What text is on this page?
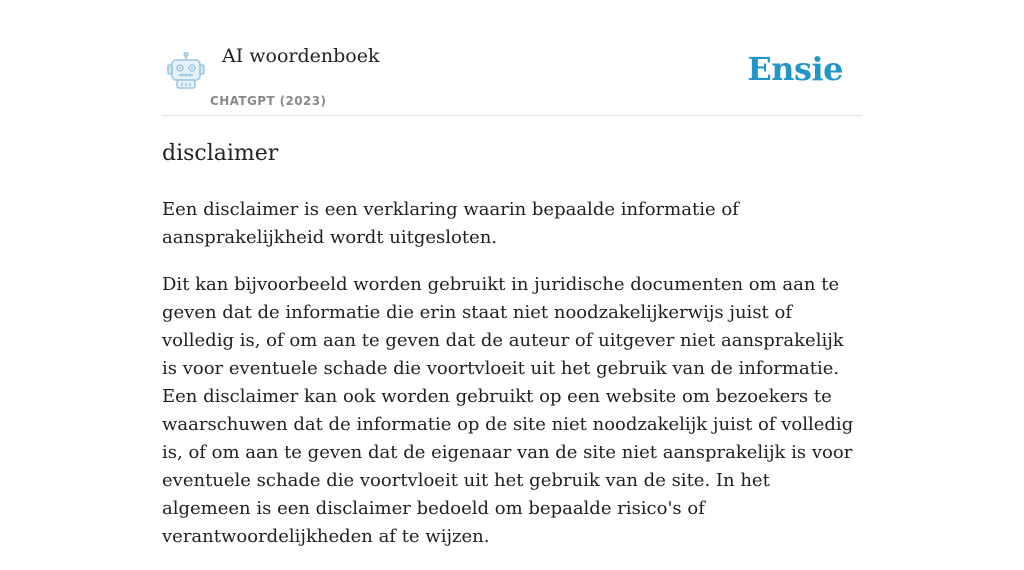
AI woordenboek
CHATGPT (2023)
Ensie
disclaimer

Een disclaimer is een verklaring waarin bepaalde informatie of aansprakelijkheid wordt uitgesloten.

Dit kan bijvoorbeeld worden gebruikt in juridische documenten om aan te geven dat de informatie die erin staat niet noodzakelijkerwijs juist of volledig is, of om aan te geven dat de auteur of uitgever niet aansprakelijk is voor eventuele schade die voortvloeit uit het gebruik van de informatie. Een disclaimer kan ook worden gebruikt op een website om bezoekers te waarschuwen dat de informatie op de site niet noodzakelijk juist of volledig is, of om aan te geven dat de eigenaar van de site niet aansprakelijk is voor eventuele schade die voortvloeit uit het gebruik van de site. In het algemeen is een disclaimer bedoeld om bepaalde risico's of verantwoordelijkheden af te wijzen.
